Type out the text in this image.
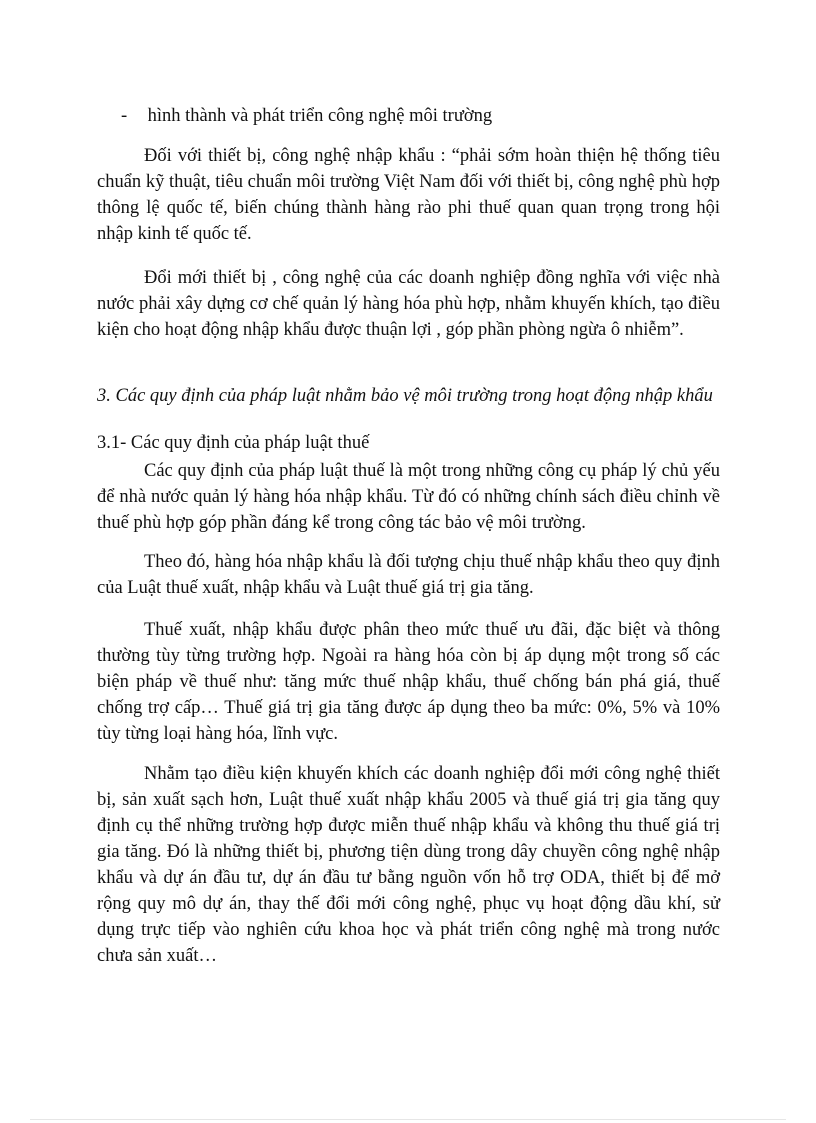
- hình thành và phát triển công nghệ môi trường

Đối với thiết bị, công nghệ nhập khẩu : “phải sớm hoàn thiện hệ thống tiêu chuẩn kỹ thuật, tiêu chuẩn môi trường Việt Nam đối với thiết bị, công nghệ phù hợp thông lệ quốc tế, biến chúng thành hàng rào phi thuế quan quan trọng trong hội nhập kinh tế quốc tế.

Đổi mới thiết bị , công nghệ của các doanh nghiệp đồng nghĩa với việc nhà nước phải xây dựng cơ chế quản lý hàng hóa phù hợp, nhằm khuyến khích, tạo điều kiện cho hoạt động nhập khẩu được thuận lợi , góp phần phòng ngừa ô nhiễm”.

3. Các quy định của pháp luật nhằm bảo vệ môi trường trong hoạt động nhập khẩu

3.1- Các quy định của pháp luật thuế

Các quy định của pháp luật thuế là một trong những công cụ pháp lý chủ yếu để nhà nước quản lý hàng hóa nhập khẩu. Từ đó có những chính sách điều chỉnh về thuế phù hợp góp phần đáng kể trong công tác bảo vệ môi trường.

Theo đó, hàng hóa nhập khẩu là đối tượng chịu thuế nhập khẩu theo quy định của Luật thuế xuất, nhập khẩu và Luật thuế giá trị gia tăng.

Thuế xuất, nhập khẩu được phân theo mức thuế ưu đãi, đặc biệt và thông thường tùy từng trường hợp. Ngoài ra hàng hóa còn bị áp dụng một trong số các biện pháp về thuế như: tăng mức thuế nhập khẩu, thuế chống bán phá giá, thuế chống trợ cấp… Thuế giá trị gia tăng được áp dụng theo ba mức: 0%, 5% và 10% tùy từng loại hàng hóa, lĩnh vực.

Nhằm tạo điều kiện khuyến khích các doanh nghiệp đổi mới công nghệ thiết bị, sản xuất sạch hơn, Luật thuế xuất nhập khẩu 2005 và thuế giá trị gia tăng quy định cụ thể những trường hợp được miễn thuế nhập khẩu và không thu thuế giá trị gia tăng. Đó là những thiết bị, phương tiện dùng trong dây chuyền công nghệ nhập khẩu và dự án đầu tư, dự án đầu tư bằng nguồn vốn hỗ trợ ODA, thiết bị để mở rộng quy mô dự án, thay thế đổi mới công nghệ, phục vụ hoạt động dầu khí, sử dụng trực tiếp vào nghiên cứu khoa học và phát triển công nghệ mà trong nước chưa sản xuất…
